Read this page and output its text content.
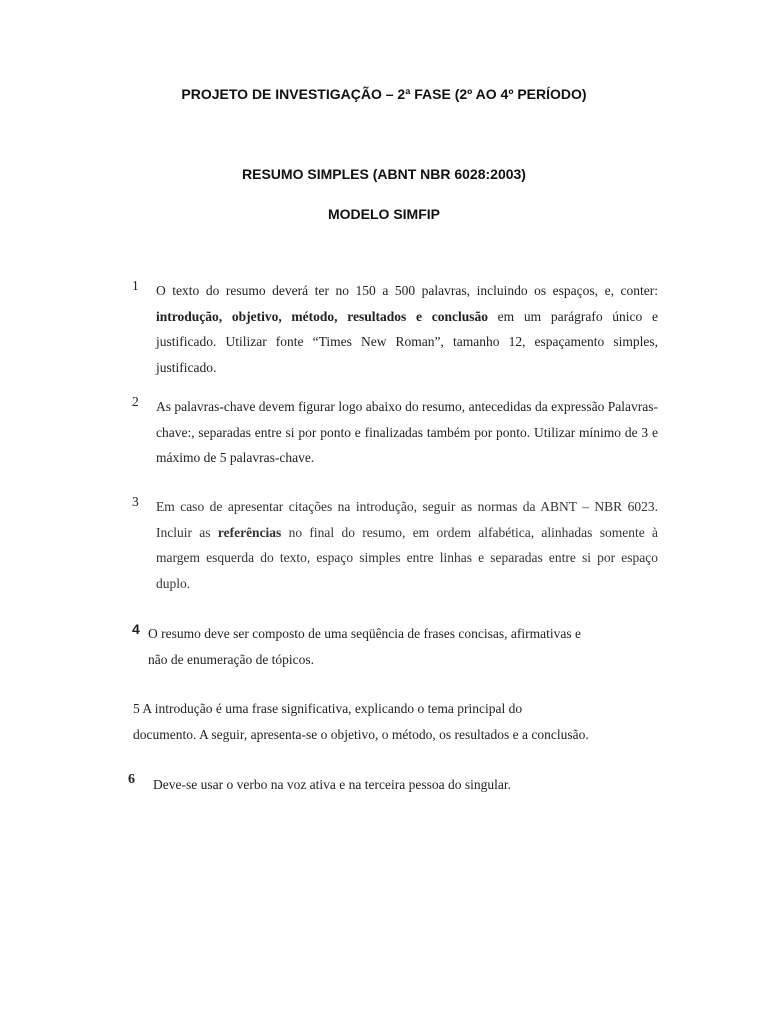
PROJETO DE INVESTIGAÇÃO – 2ª FASE (2º AO 4º PERÍODO)
RESUMO SIMPLES (ABNT NBR 6028:2003)
MODELO SIMFIP
1 O texto do resumo deverá ter no 150 a 500 palavras, incluindo os espaços, e, conter: introdução, objetivo, método, resultados e conclusão em um parágrafo único e justificado. Utilizar fonte “Times New Roman”, tamanho 12, espaçamento simples, justificado.
2 As palavras-chave devem figurar logo abaixo do resumo, antecedidas da expressão Palavras-chave:, separadas entre si por ponto e finalizadas também por ponto. Utilizar mínimo de 3 e máximo de 5 palavras-chave.
3 Em caso de apresentar citações na introdução, seguir as normas da ABNT – NBR 6023. Incluir as referências no final do resumo, em ordem alfabética, alinhadas somente à margem esquerda do texto, espaço simples entre linhas e separadas entre si por espaço duplo.
4 O resumo deve ser composto de uma seqüência de frases concisas, afirmativas e
não de enumeração de tópicos.
5 A introdução é uma frase significativa, explicando o tema principal do
documento. A seguir, apresenta-se o objetivo, o método, os resultados e a conclusão.
6 Deve-se usar o verbo na voz ativa e na terceira pessoa do singular.
